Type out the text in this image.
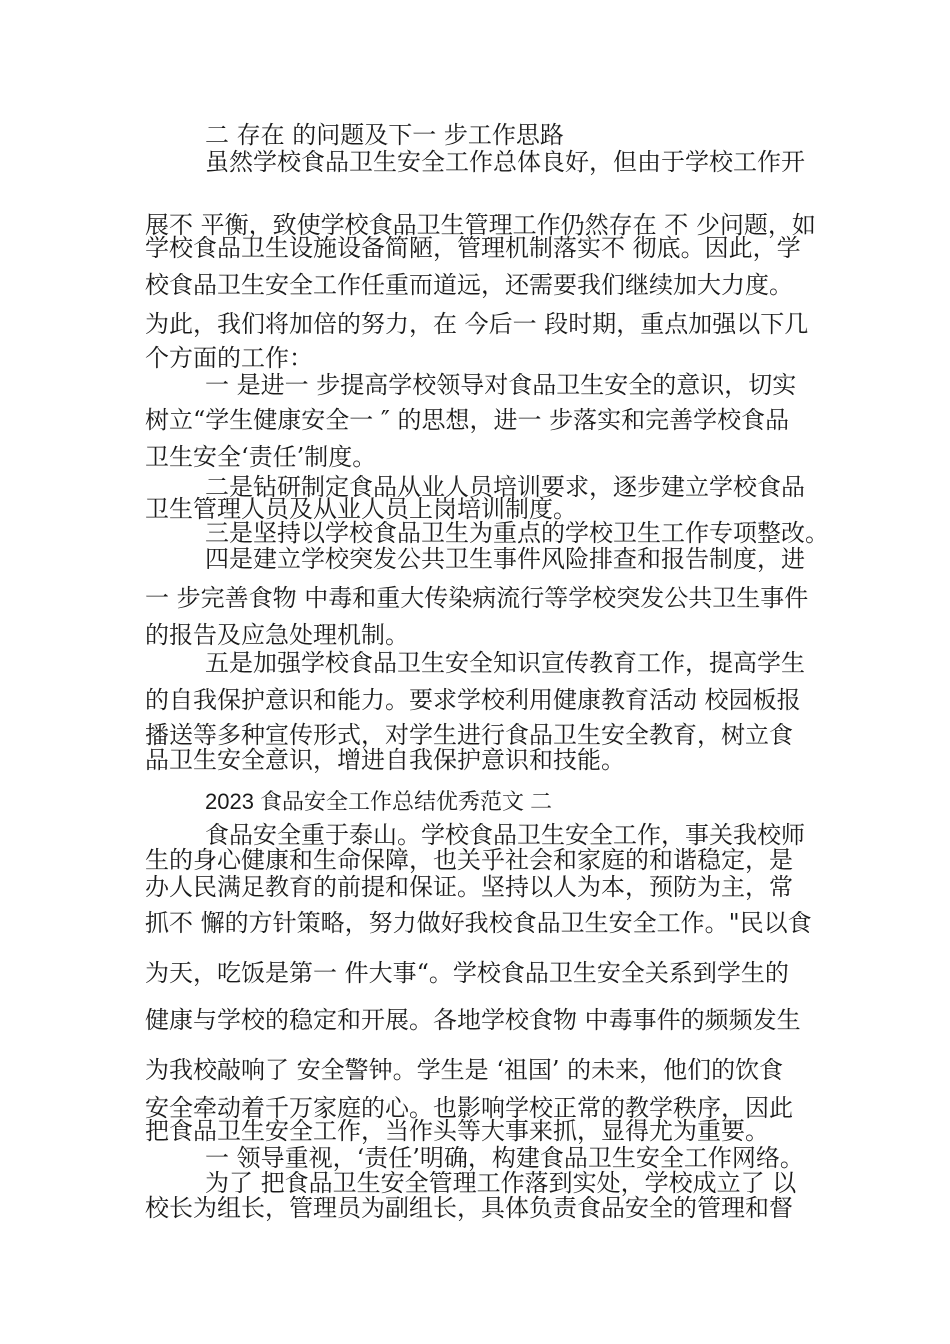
二 存在 的问题及下一 步工作思路

虽然学校食品卫生安全工作总体良好，但由于学校工作开

展不 平衡，致使学校食品卫生管理工作仍然存在 不 少问题，如

学校食品卫生设施设备简陋，管理机制落实不 彻底。因此，学

校食品卫生安全工作任重而道远，还需要我们继续加大力度。

为此，我们将加倍的努力，在 今后一 段时期，重点加强以下几

个方面的工作：

一 是进一 步提高学校领导对食品卫生安全的意识，切实

树立“学生健康安全一 ″ 的思想，进一 步落实和完善学校食品

卫生安全‘责任’制度。

二是钻研制定食品从业人员培训要求，逐步建立学校食品

卫生管理人员及从业人员上岗培训制度。

三是坚持以学校食品卫生为重点的学校卫生工作专项整改。

四是建立学校突发公共卫生事件风险排查和报告制度，进

一 步完善食物 中毒和重大传染病流行等学校突发公共卫生事件

的报告及应急处理机制。

五是加强学校食品卫生安全知识宣传教育工作，提高学生

的自我保护意识和能力。要求学校利用健康教育活动 校园板报

播送等多种宣传形式，对学生进行食品卫生安全教育，树立食

品卫生安全意识，增进自我保护意识和技能。

2023 食品安全工作总结优秀范文 二

食品安全重于泰山。学校食品卫生安全工作，事关我校师

生的身心健康和生命保障，也关乎社会和家庭的和谐稳定，是

办人民满足教育的前提和保证。坚持以人为本，预防为主，常

抓不 懈的方针策略，努力做好我校食品卫生安全工作。"民以食

为天，吃饭是第一 件大事“。学校食品卫生安全关系到学生的

健康与学校的稳定和开展。各地学校食物 中毒事件的频频发生

为我校敲响了 安全警钟。学生是 ‘祖国’ 的未来，他们的饮食

安全牵动着千万家庭的心。也影响学校正常的教学秩序，因此

把食品卫生安全工作，当作头等大事来抓，显得尤为重要。

一 领导重视，‘责任’明确，构建食品卫生安全工作网络。

为了 把食品卫生安全管理工作落到实处，学校成立了 以

校长为组长，管理员为副组长，具体负责食品安全的管理和督
